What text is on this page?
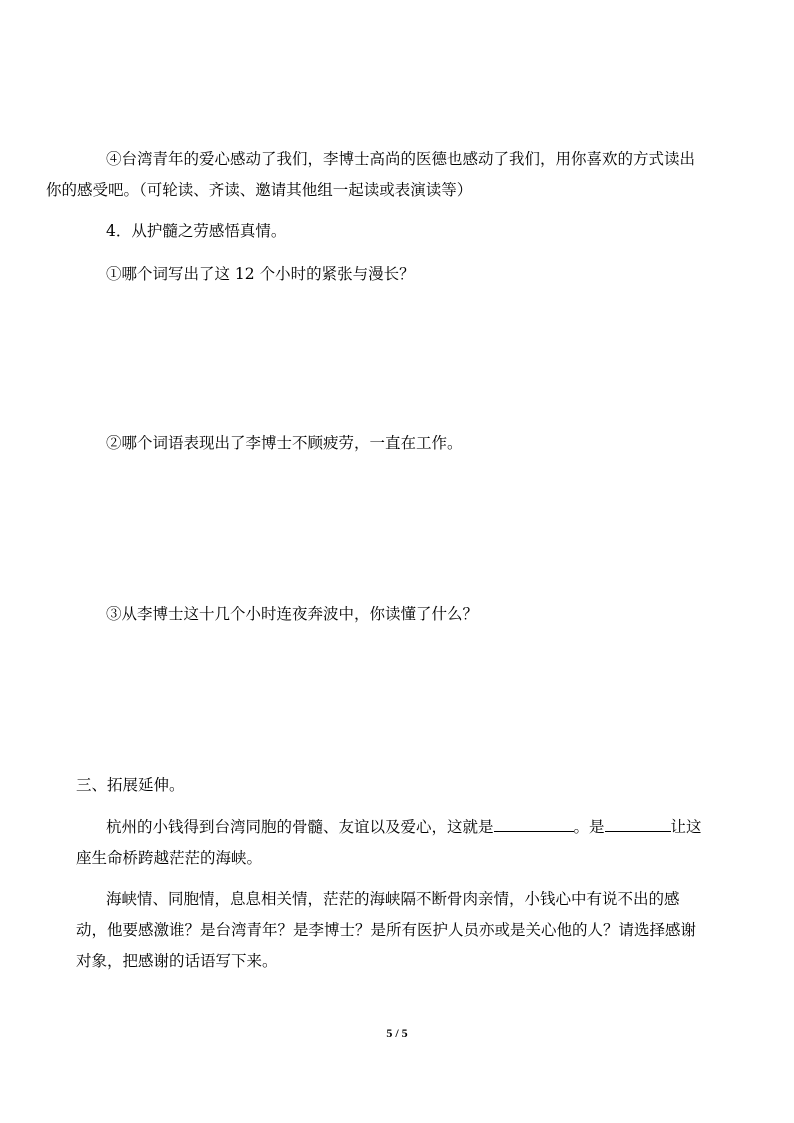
④台湾青年的爱心感动了我们，李博士高尚的医德也感动了我们，用你喜欢的方式读出
你的感受吧。（可轮读、齐读、邀请其他组一起读或表演读等）

4．从护髓之劳感悟真情。

①哪个词写出了这 12 个小时的紧张与漫长？

②哪个词语表现出了李博士不顾疲劳，一直在工作。

③从李博士这十几个小时连夜奔波中，你读懂了什么？

三、拓展延伸。

杭州的小钱得到台湾同胞的骨髓、友谊以及爱心，这就是	。是	让这
座生命桥跨越茫茫的海峡。

海峡情、同胞情，息息相关情，茫茫的海峡隔不断骨肉亲情，小钱心中有说不出的感
动，他要感激谁？是台湾青年？是李博士？是所有医护人员亦或是关心他的人？请选择感谢
对象，把感谢的话语写下来。

5 / 5
